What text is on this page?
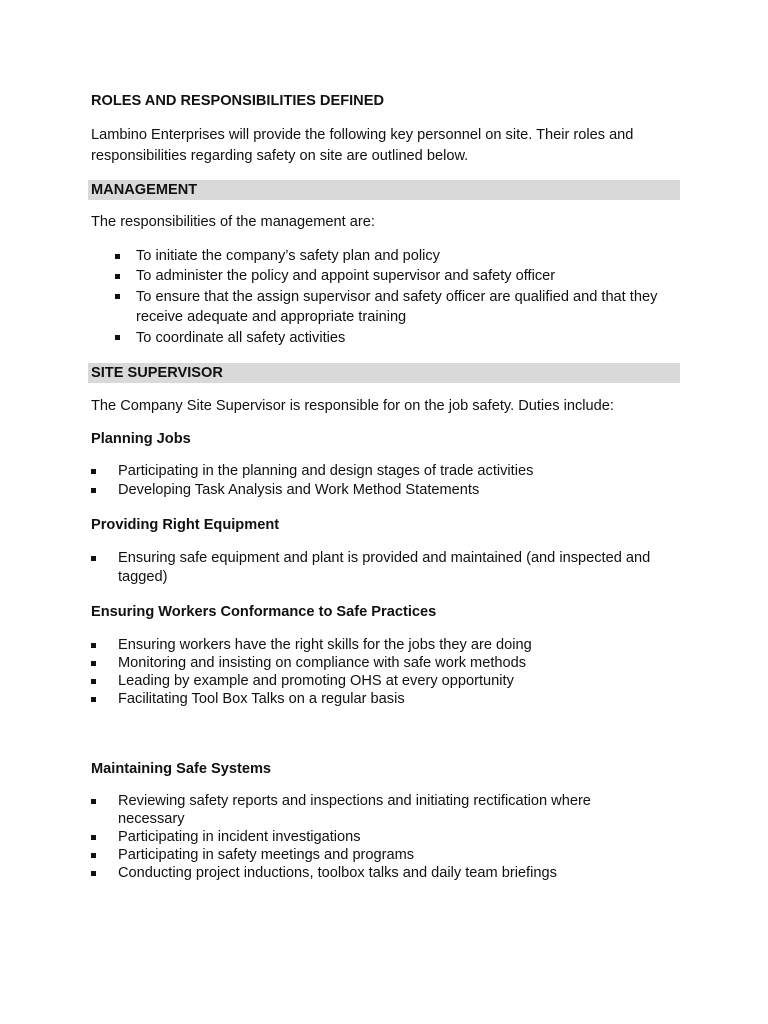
ROLES AND RESPONSIBILITIES DEFINED
Lambino Enterprises will provide the following key personnel on site. Their roles and
responsibilities regarding safety on site are outlined below.
MANAGEMENT
The responsibilities of the management are:
To initiate the company’s safety plan and policy
To administer the policy and appoint supervisor and safety officer
To ensure that the assign supervisor and safety officer are qualified and that they
receive adequate and appropriate training
To coordinate all safety activities
SITE SUPERVISOR
The Company Site Supervisor is responsible for on the job safety. Duties include:
Planning Jobs
Participating in the planning and design stages of trade activities
Developing Task Analysis and Work Method Statements
Providing Right Equipment
Ensuring safe equipment and plant is provided and maintained (and inspected and
tagged)
Ensuring Workers Conformance to Safe Practices
Ensuring workers have the right skills for the jobs they are doing
Monitoring and insisting on compliance with safe work methods
Leading by example and promoting OHS at every opportunity
Facilitating Tool Box Talks on a regular basis
Maintaining Safe Systems
Reviewing safety reports and inspections and initiating rectification where
necessary
Participating in incident investigations
Participating in safety meetings and programs
Conducting project inductions, toolbox talks and daily team briefings
